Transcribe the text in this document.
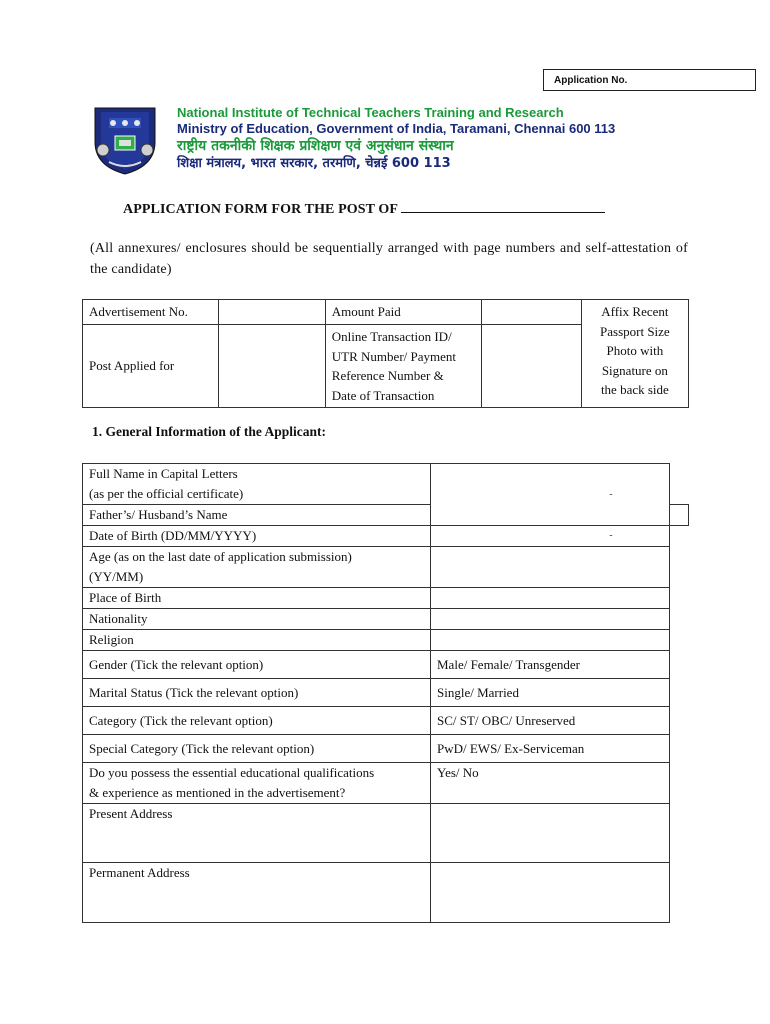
Application No.
National Institute of Technical Teachers Training and Research
Ministry of Education, Government of India, Taramani, Chennai 600 113
राष्ट्रीय तकनीकी शिक्षक प्रशिक्षण एवं अनुसंधान संस्थान
शिक्षा मंत्रालय, भारत सरकार, तरमणि, चेन्नई 600 113
APPLICATION FORM FOR THE POST OF
(All annexures/ enclosures should be sequentially arranged with page numbers and self-attestation of the candidate)
Advertisement No.		Amount Paid		Affix Recent
Passport Size
Photo with
Signature on
the back side

Post Applied for		Online Transaction ID/
UTR Number/ Payment
Reference Number &
Date of Transaction		

1. General Information of the Applicant:
Full Name in Capital Letters
(as per the official certificate)	-	

Father’s/ Husband’s Name		
Date of Birth (DD/MM/YYYY)	-	

Age (as on the last date of application submission)
(YY/MM)		

Place of Birth		
Nationality		
Religion		
Gender (Tick the relevant option)	Male/ Female/ Transgender	
Marital Status (Tick the relevant option)	Single/ Married	
Category (Tick the relevant option)	SC/ ST/ OBC/ Unreserved	
Special Category (Tick the relevant option)	PwD/ EWS/ Ex-Serviceman	

Do you possess the essential educational qualifications
& experience as mentioned in the advertisement?	Yes/ No	
Present Address		
Permanent Address		
